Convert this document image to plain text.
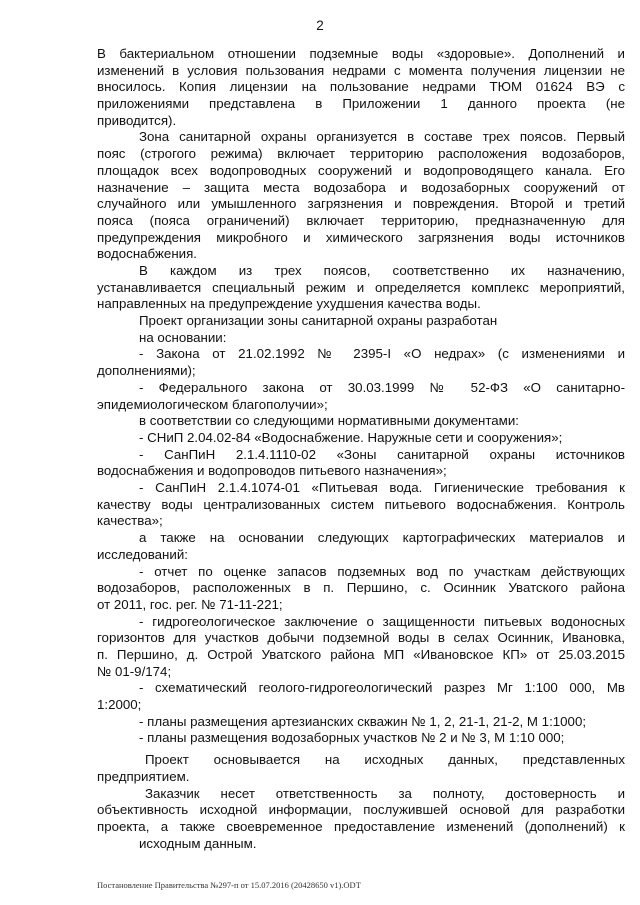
2
В бактериальном отношении подземные воды «здоровые». Дополнений и
изменений в условия пользования недрами с момента получения лицензии не
вносилось. Копия лицензии на пользование недрами ТЮМ 01624 ВЭ с
приложениями представлена в Приложении 1 данного проекта (не
приводится).
Зона санитарной охраны организуется в составе трех поясов. Первый
пояс (строгого режима) включает территорию расположения водозаборов,
площадок всех водопроводных сооружений и водопроводящего канала. Его
назначение – защита места водозабора и водозаборных сооружений от
случайного или умышленного загрязнения и повреждения. Второй и третий
пояса (пояса ограничений) включает территорию, предназначенную для
предупреждения микробного и химического загрязнения воды источников
водоснабжения.
В каждом из трех поясов, соответственно их назначению,
устанавливается специальный режим и определяется комплекс мероприятий,
направленных на предупреждение ухудшения качества воды.
Проект организации зоны санитарной охраны разработан
на основании:
- Закона от 21.02.1992 № 2395-I «О недрах» (с изменениями и
дополнениями);
- Федерального закона от 30.03.1999 № 52-ФЗ «О санитарно-
эпидемиологическом благополучии»;
в соответствии со следующими нормативными документами:
- СНиП 2.04.02-84 «Водоснабжение. Наружные сети и сооружения»;
- СанПиН 2.1.4.1110-02 «Зоны санитарной охраны источников
водоснабжения и водопроводов питьевого назначения»;
- СанПиН 2.1.4.1074-01 «Питьевая вода. Гигиенические требования к
качеству воды централизованных систем питьевого водоснабжения. Контроль
качества»;
а также на основании следующих картографических материалов и
исследований:
- отчет по оценке запасов подземных вод по участкам действующих
водозаборов, расположенных в п. Першино, с. Осинник Уватского района
от 2011, гос. рег. № 71-11-221;
- гидрогеологическое заключение о защищенности питьевых водоносных
горизонтов для участков добычи подземной воды в селах Осинник, Ивановка,
п. Першино, д. Острой Уватского района МП «Ивановское КП» от 25.03.2015
№ 01-9/174;
- схематический геолого-гидрогеологический разрез Мг 1:100 000, Мв
1:2000;
- планы размещения артезианских скважин № 1, 2, 21-1, 21-2, М 1:1000;
- планы размещения водозаборных участков № 2 и № 3, М 1:10 000;
Проект основывается на исходных данных, представленных
предприятием.
Заказчик несет ответственность за полноту, достоверность и
объективность исходной информации, послужившей основой для разработки
проекта, а также своевременное предоставление изменений (дополнений) к
исходным данным.
Постановление Правительства №297-п от 15.07.2016 (20428650 v1).ODT
